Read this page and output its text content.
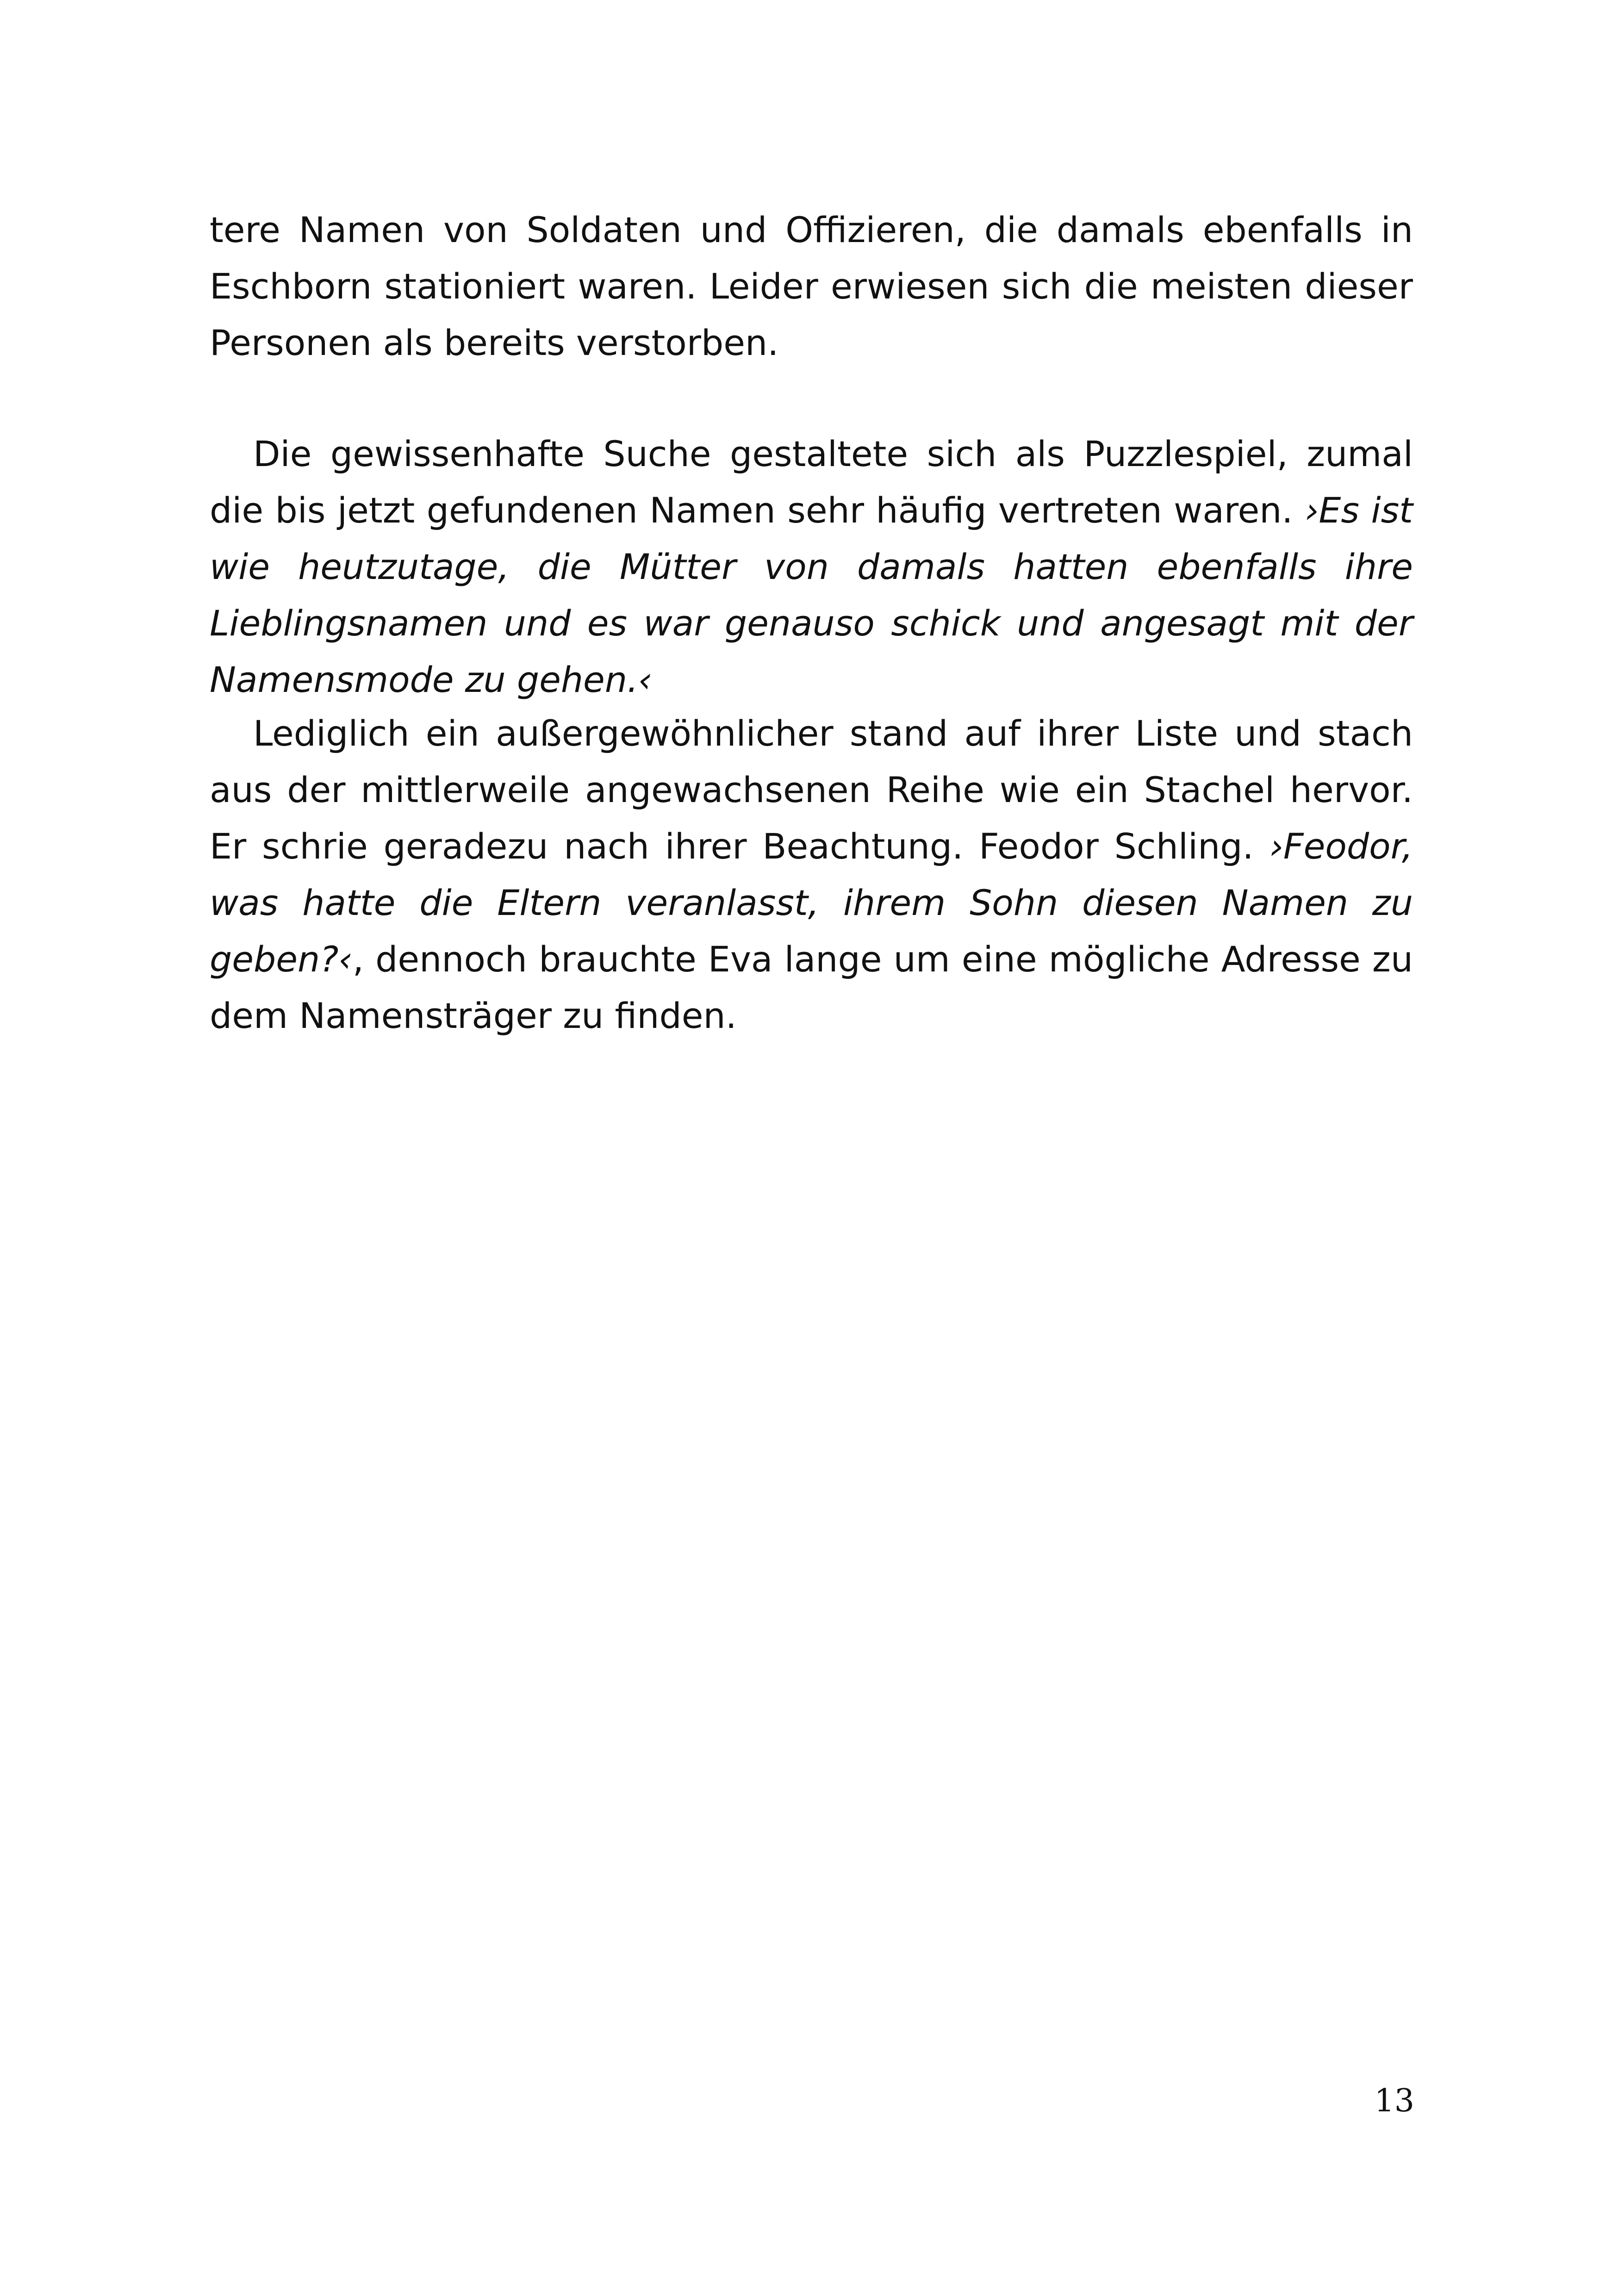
tere Namen von Soldaten und Offizieren, die damals ebenfalls in Eschborn stationiert waren. Leider erwiesen sich die meisten dieser Personen als bereits verstorben.

Die gewissenhafte Suche gestaltete sich als Puzzlespiel, zumal die bis jetzt gefundenen Namen sehr häufig vertreten waren. ›Es ist wie heutzutage, die Mütter von damals hatten ebenfalls ihre Lieblingsnamen und es war genauso schick und angesagt mit der Namensmode zu gehen.‹

Lediglich ein außergewöhnlicher stand auf ihrer Liste und stach aus der mittlerweile angewachsenen Reihe wie ein Stachel hervor. Er schrie geradezu nach ihrer Beachtung. Feodor Schling. ›Feodor, was hatte die Eltern veranlasst, ihrem Sohn diesen Namen zu geben?‹, dennoch brauchte Eva lange um eine mögliche Adresse zu dem Namensträger zu finden.

13
